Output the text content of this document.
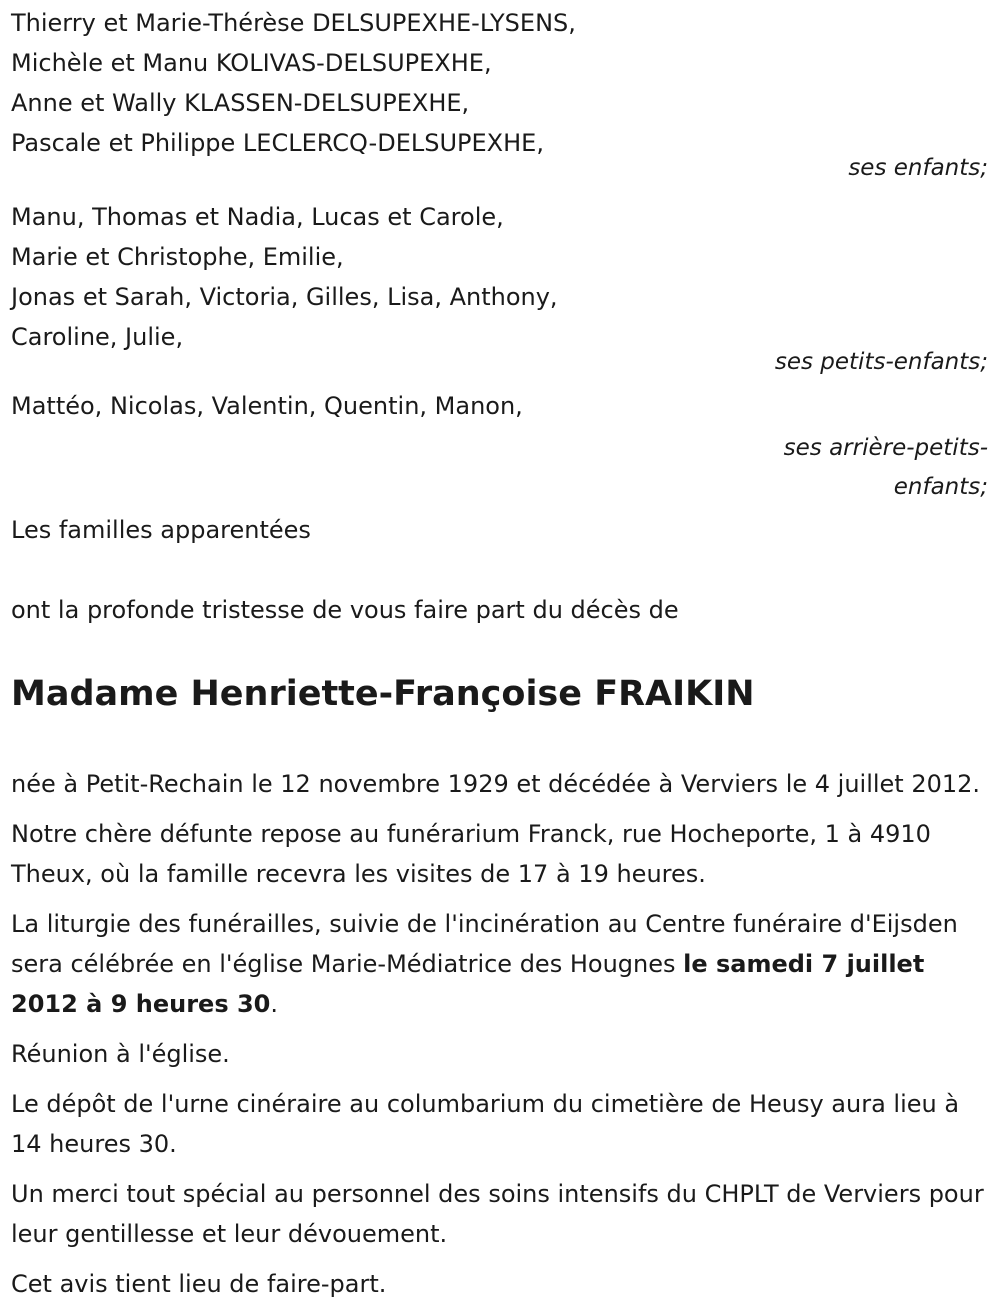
Thierry et Marie-Thérèse DELSUPEXHE-LYSENS,
Michèle et Manu KOLIVAS-DELSUPEXHE,
Anne et Wally KLASSEN-DELSUPEXHE,
Pascale et Philippe LECLERCQ-DELSUPEXHE,
ses enfants;
Manu, Thomas et Nadia, Lucas et Carole,
Marie et Christophe, Emilie,
Jonas et Sarah, Victoria, Gilles, Lisa, Anthony,
Caroline, Julie,
ses petits-enfants;
Mattéo, Nicolas, Valentin, Quentin, Manon,
ses arrière-petits-
enfants;
Les familles apparentées
ont la profonde tristesse de vous faire part du décès de
Madame Henriette-Françoise FRAIKIN
née à Petit-Rechain le 12 novembre 1929 et décédée à Verviers le 4 juillet 2012.
Notre chère défunte repose au funérarium Franck, rue Hocheporte, 1 à 4910 Theux, où la famille recevra les visites de 17 à 19 heures.
La liturgie des funérailles, suivie de l'incinération au Centre funéraire d'Eijsden sera célébrée en l'église Marie-Médiatrice des Hougnes le samedi 7 juillet 2012 à 9 heures 30.
Réunion à l'église.
Le dépôt de l'urne cinéraire au columbarium du cimetière de Heusy aura lieu à 14 heures 30.
Un merci tout spécial au personnel des soins intensifs du CHPLT de Verviers pour leur gentillesse et leur dévouement.
Cet avis tient lieu de faire-part.
